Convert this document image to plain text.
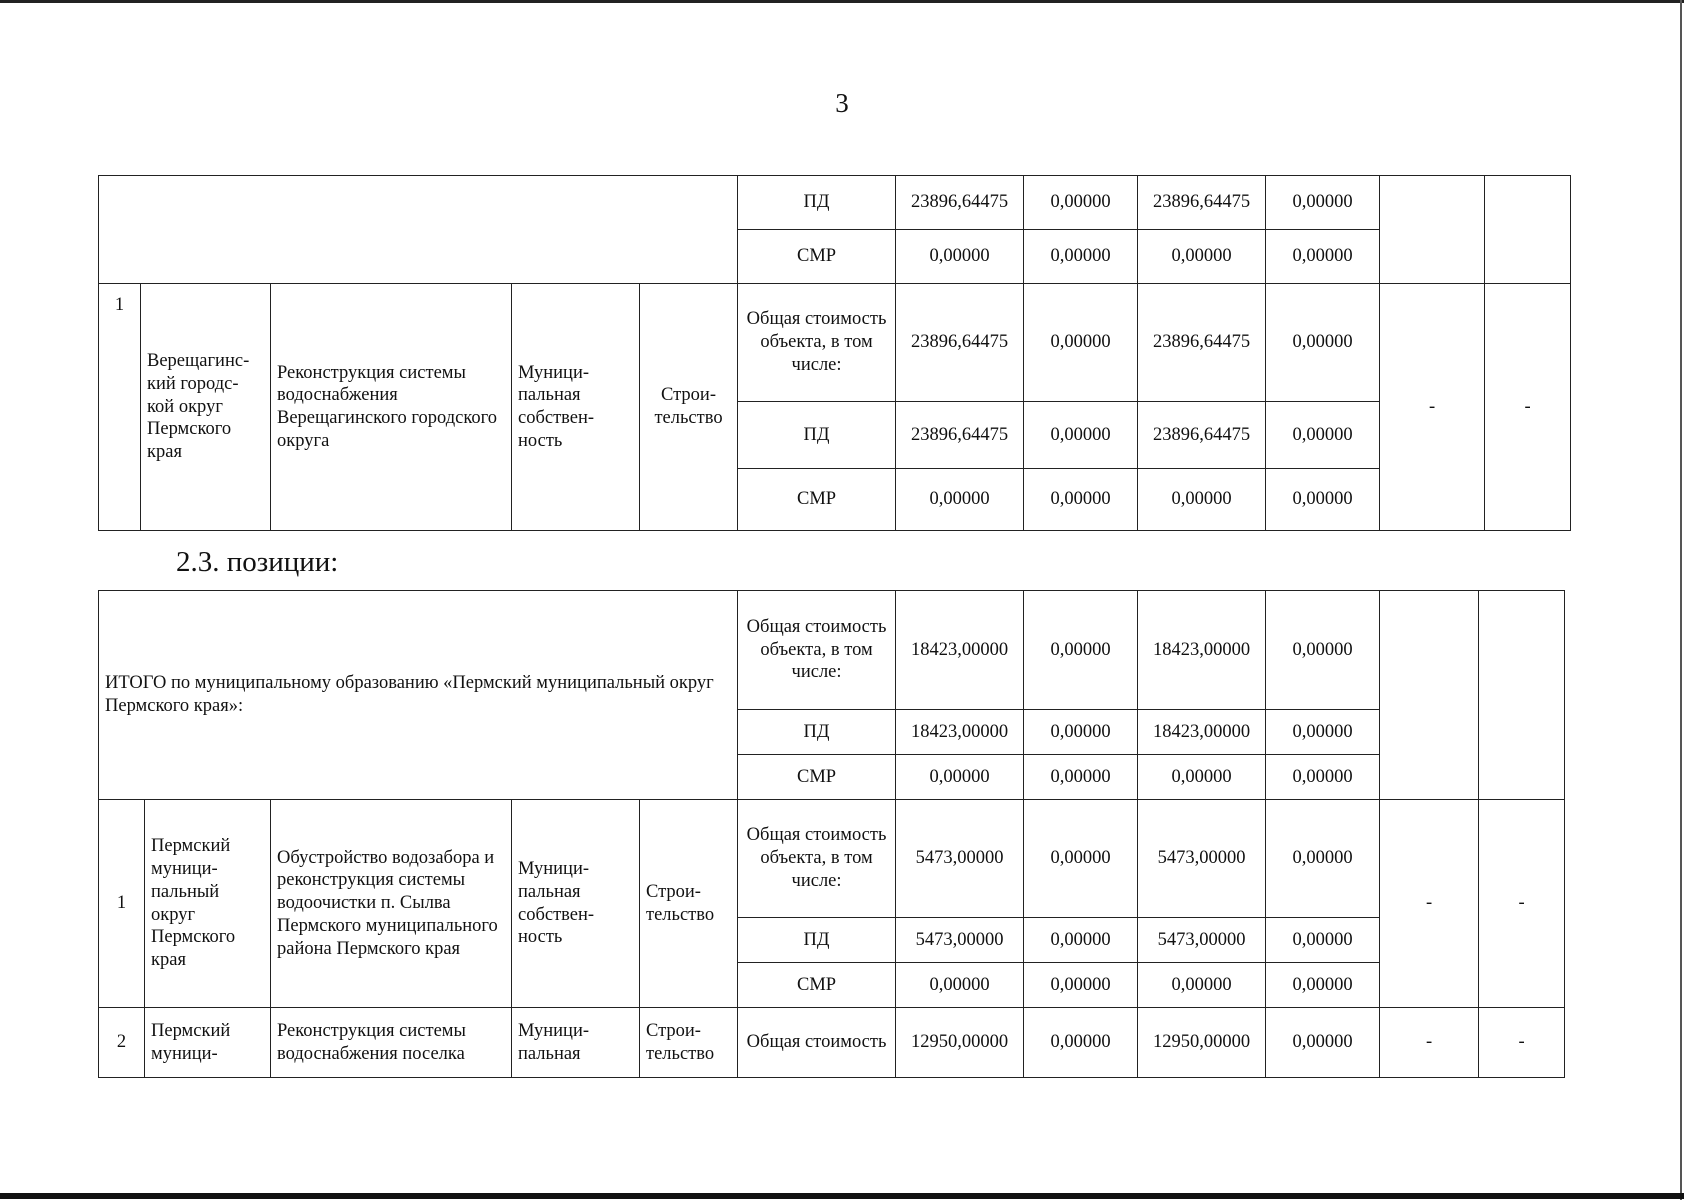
3
					ПД	23896,64475	0,00000	23896,64475	0,00000		
					СМР	0,00000	0,00000	0,00000	0,00000		
1	Верещагинс-кий городс-кой округ Пермского края	Реконструкция системы водоснабжения Верещагинского городского округа	Муници-пальная собствен-ность	Строи-тельство	Общая стоимость объекта, в том числе:	23896,64475	0,00000	23896,64475	0,00000	-	-
					ПД	23896,64475	0,00000	23896,64475	0,00000		
					СМР	0,00000	0,00000	0,00000	0,00000		
2.3. позиции:
ИТОГО по муниципальному образованию «Пермский муниципальный округ Пермского края»:					Общая стоимость объекта, в том числе:	18423,00000	0,00000	18423,00000	0,00000		
					ПД	18423,00000	0,00000	18423,00000	0,00000		
					СМР	0,00000	0,00000	0,00000	0,00000		
1	Пермский муници-пальный округ Пермского края	Обустройство водозабора и реконструкция системы водоочистки п. Сылва Пермского муниципального района Пермского края	Муници-пальная собствен-ность	Строи-тельство	Общая стоимость объекта, в том числе:	5473,00000	0,00000	5473,00000	0,00000	-	-
					ПД	5473,00000	0,00000	5473,00000	0,00000		
					СМР	0,00000	0,00000	0,00000	0,00000		
2	Пермский муници-	Реконструкция системы водоснабжения поселка	Муници-пальная	Строи-тельство	Общая стоимость	12950,00000	0,00000	12950,00000	0,00000	-	-
